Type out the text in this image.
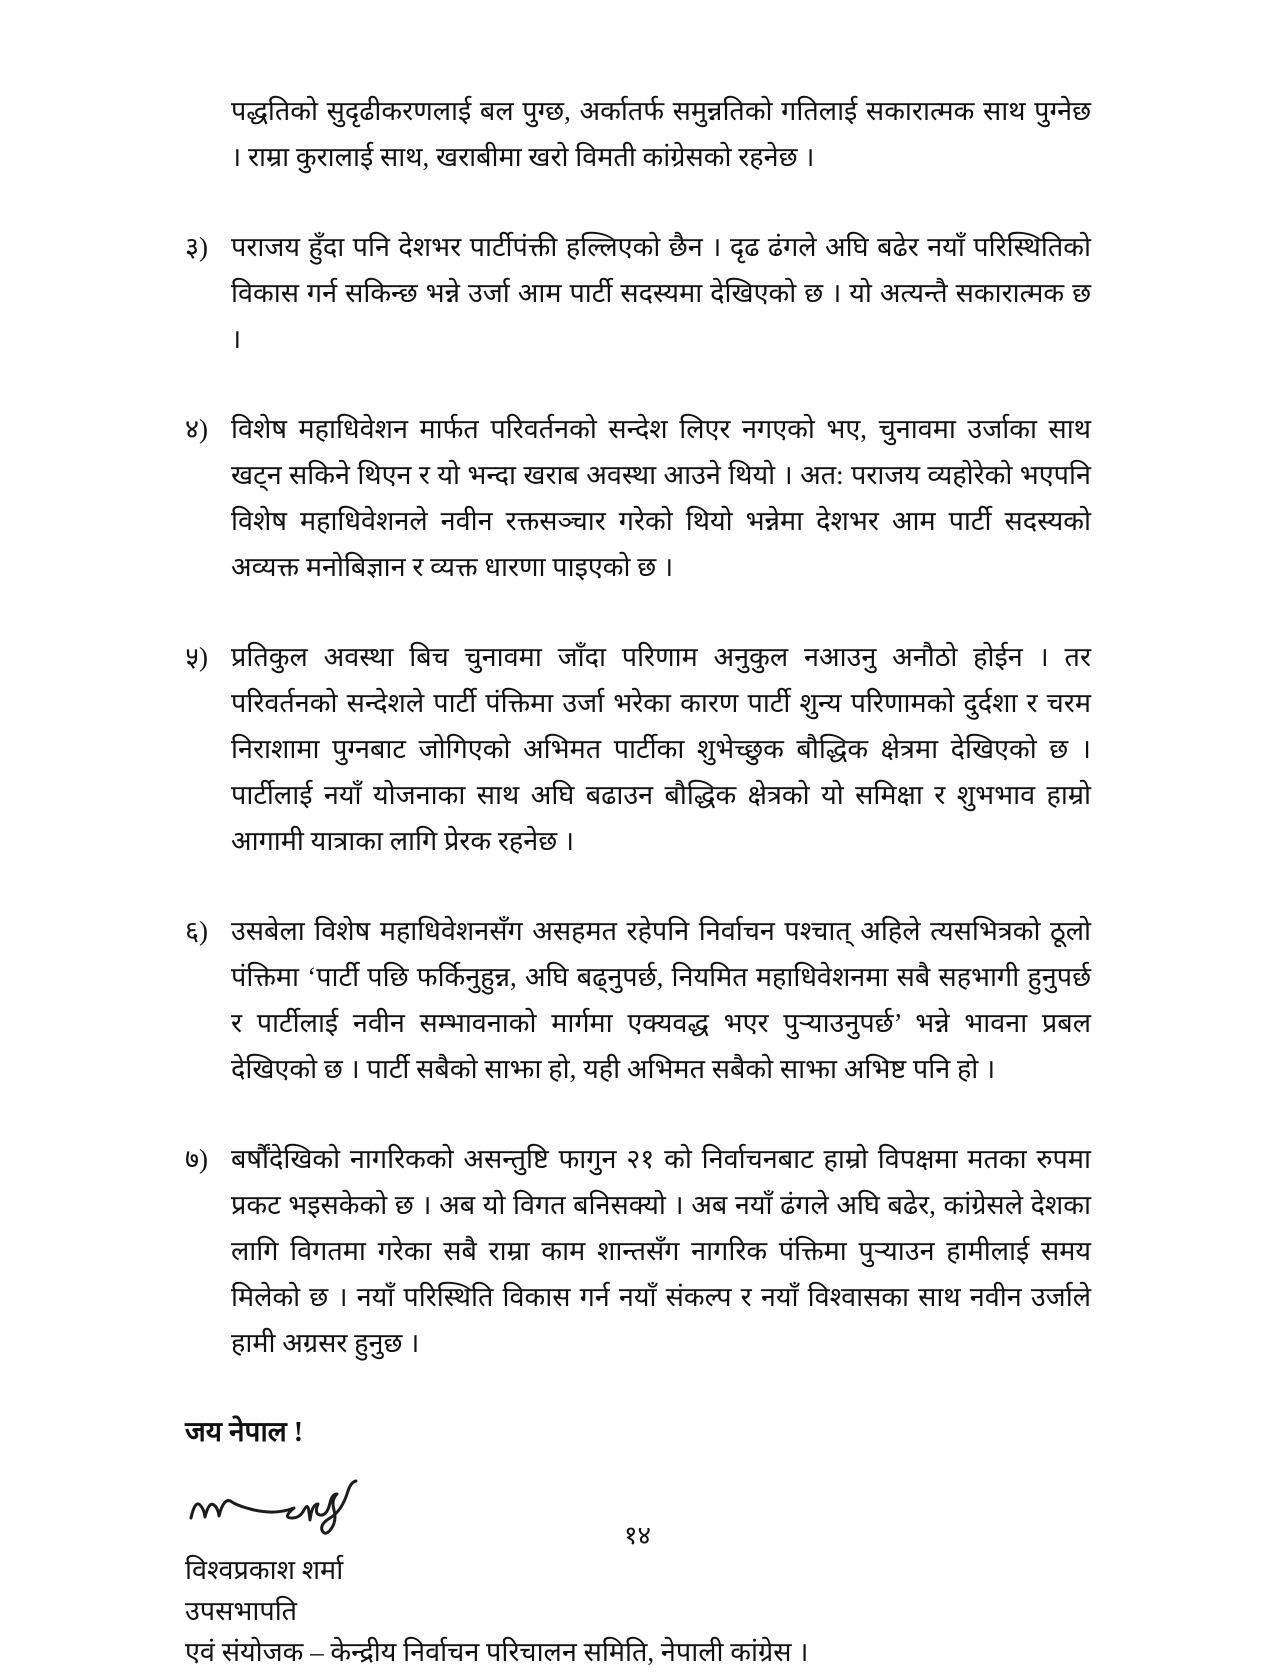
पद्धतिको सुदृढीकरणलाई बल पुग्छ, अर्कातर्फ समुन्नतिको गतिलाई सकारात्मक साथ पुग्नेछ । राम्रा कुरालाई साथ, खराबीमा खरो विमती कांग्रेसको रहनेछ ।

३) पराजय हुँदा पनि देशभर पार्टीपंक्ती हल्लिएको छैन । दृढ ढंगले अघि बढेर नयाँ परिस्थितिको विकास गर्न सकिन्छ भन्ने उर्जा आम पार्टी सदस्यमा देखिएको छ । यो अत्यन्तै सकारात्मक छ ।
४) विशेष महाधिवेशन मार्फत परिवर्तनको सन्देश लिएर नगएको भए, चुनावमा उर्जाका साथ खट्न सकिने थिएन र यो भन्दा खराब अवस्था आउने थियो । अत: पराजय व्यहोरेको भएपनि विशेष महाधिवेशनले नवीन रक्तसञ्चार गरेको थियो भन्नेमा देशभर आम पार्टी सदस्यको अव्यक्त मनोबिज्ञान र व्यक्त धारणा पाइएको छ ।
५) प्रतिकुल अवस्था बिच चुनावमा जाँदा परिणाम अनुकुल नआउनु अनौठो होईन । तर परिवर्तनको सन्देशले पार्टी पंक्तिमा उर्जा भरेका कारण पार्टी शुन्य परिणामको दुर्दशा र चरम निराशामा पुग्नबाट जोगिएको अभिमत पार्टीका शुभेच्छुक बौद्धिक क्षेत्रमा देखिएको छ । पार्टीलाई नयाँ योजनाका साथ अघि बढाउन बौद्धिक क्षेत्रको यो समिक्षा र शुभभाव हाम्रो आगामी यात्राका लागि प्रेरक रहनेछ ।
६) उसबेला विशेष महाधिवेशनसँग असहमत रहेपनि निर्वाचन पश्चात् अहिले त्यसभित्रको ठूलो पंक्तिमा ‘पार्टी पछि फर्किनुहुन्न, अघि बढ्नुपर्छ, नियमित महाधिवेशनमा सबै सहभागी हुनुपर्छ र पार्टीलाई नवीन सम्भावनाको मार्गमा एक्यवद्ध भएर पुऱ्याउनुपर्छ’ भन्ने भावना प्रबल देखिएको छ । पार्टी सबैको साझा हो, यही अभिमत सबैको साझा अभिष्ट पनि हो ।
७) बर्षौंदेखिको नागरिकको असन्तुष्टि फागुन २१ को निर्वाचनबाट हाम्रो विपक्षमा मतका रुपमा प्रकट भइसकेको छ । अब यो विगत बनिसक्यो । अब नयाँ ढंगले अघि बढेर, कांग्रेसले देशका लागि विगतमा गरेका सबै राम्रा काम शान्तसँग नागरिक पंक्तिमा पुऱ्याउन हामीलाई समय मिलेको छ । नयाँ परिस्थिति विकास गर्न नयाँ संकल्प र नयाँ विश्वासका साथ नवीन उर्जाले हामी अग्रसर हुनुछ ।

जय नेपाल !

विश्वप्रकाश शर्मा

उपसभापति

एवं संयोजक – केन्द्रीय निर्वाचन परिचालन समिति, नेपाली कांग्रेस ।

१४
